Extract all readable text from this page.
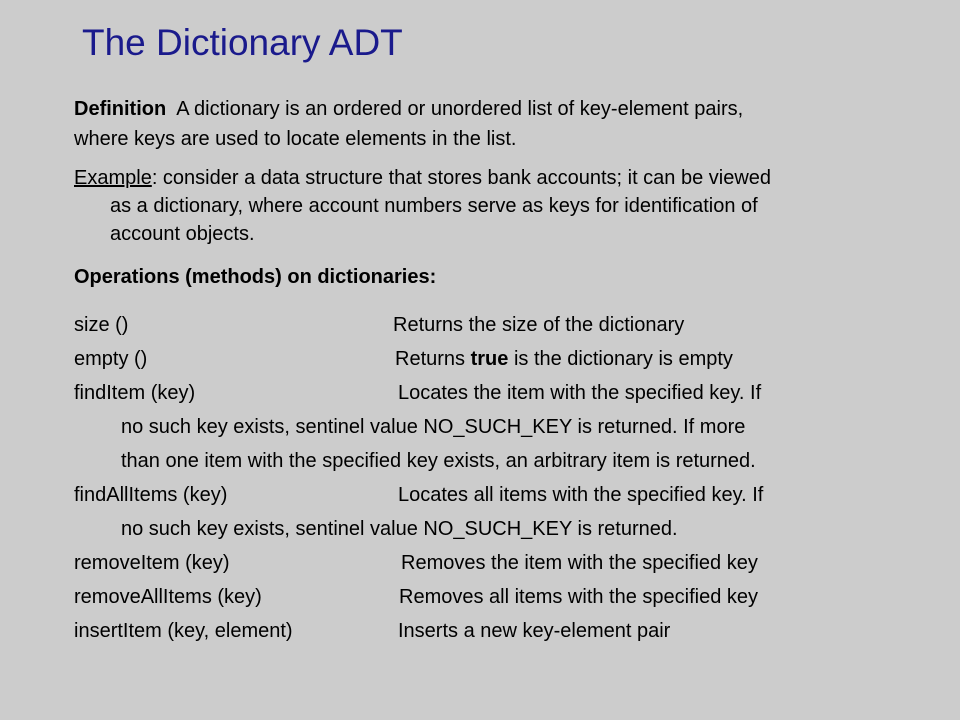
The Dictionary ADT

Definition A dictionary is an ordered or unordered list of key-element pairs,

where keys are used to locate elements in the list.

Example: consider a data structure that stores bank accounts; it can be viewed

as a dictionary, where account numbers serve as keys for identification of

account objects.

Operations (methods) on dictionaries:

size ()	Returns the size of the dictionary
empty ()	Returns true is the dictionary is empty
findItem (key)	Locates the item with the specified key. If
no such key exists, sentinel value NO_SUCH_KEY is returned. If more
than one item with the specified key exists, an arbitrary item is returned.
findAllItems (key)	Locates all items with the specified key. If
no such key exists, sentinel value NO_SUCH_KEY is returned.
removeItem (key)	Removes the item with the specified key
removeAllItems (key)	Removes all items with the specified key
insertItem (key, element)	Inserts a new key-element pair
